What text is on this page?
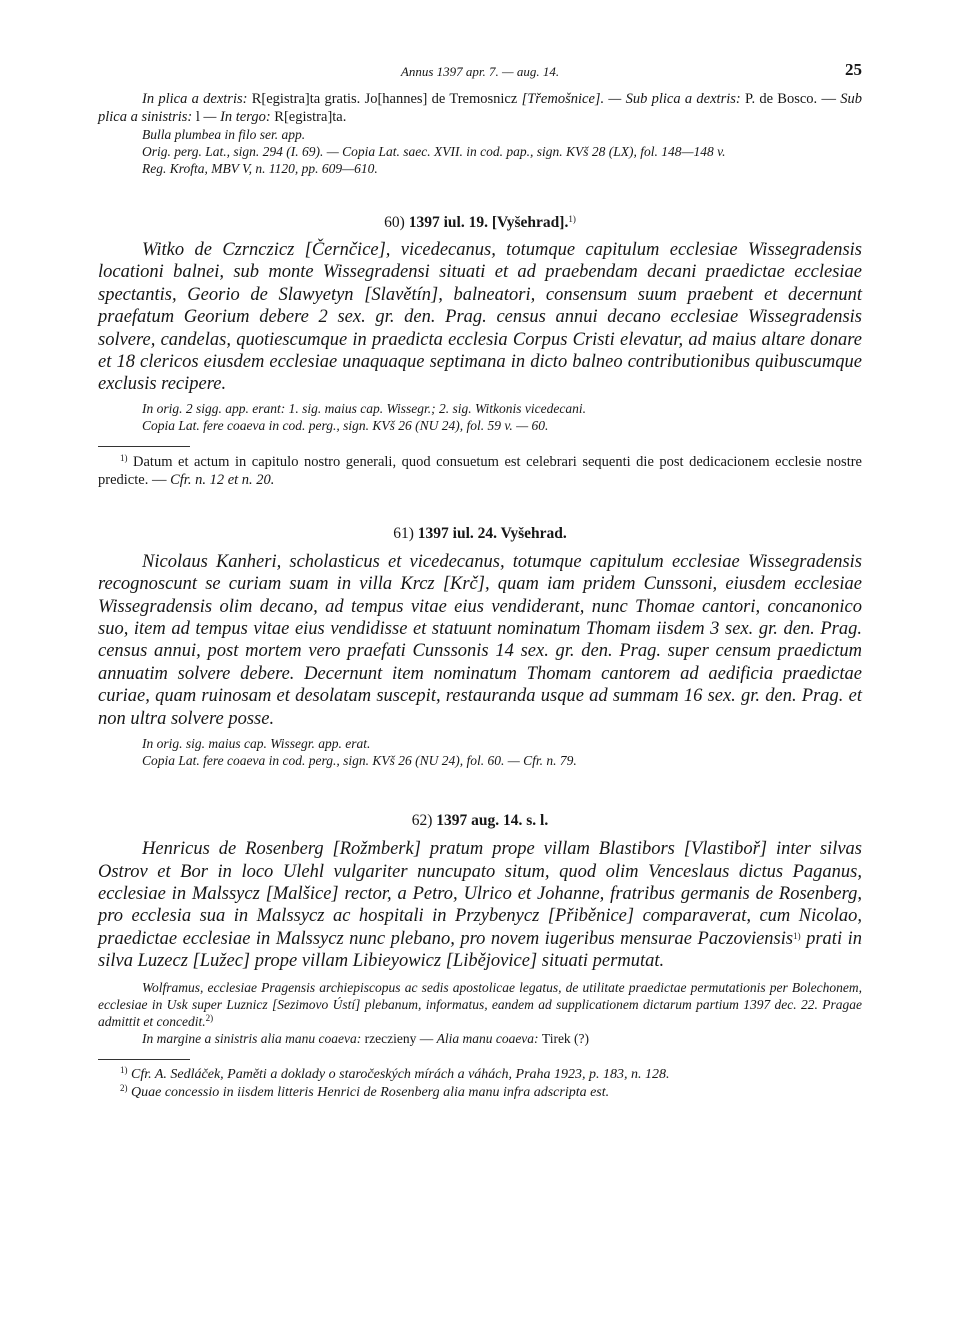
Annus 1397 apr. 7. — aug. 14.	25

In plica a dextris: R[egistra]ta gratis. Jo[hannes] de Tremosnicz [Třemošnice]. — Sub plica a dextris: P. de Bosco. — Sub plica a sinistris: l — In tergo: R[egistra]ta.

Bulla plumbea in filo ser. app.

Orig. perg. Lat., sign. 294 (I. 69). — Copia Lat. saec. XVII. in cod. pap., sign. KVš 28 (LX), fol. 148—148 v.

Reg. Krofta, MBV V, n. 1120, pp. 609—610.

60) 1397 iul. 19. [Vyšehrad].$^{1)}$

Witko de Czrnczicz [Černčice], vicedecanus, totumque capitulum ecclesiae Wissegradensis locationi balnei, sub monte Wissegradensi situati et ad praebendam decani praedictae ecclesiae spectantis, Georio de Slawyetyn [Slavětín], balneatori, consensum suum praebent et decernunt praefatum Georium debere 2 sex. gr. den. Prag. census annui decano ecclesiae Wissegradensis solvere, candelas, quotiescumque in praedicta ecclesia Corpus Cristi elevatur, ad maius altare donare et 18 clericos eiusdem ecclesiae unaquaque septimana in dicto balneo contributionibus quibuscumque exclusis recipere.

In orig. 2 sigg. app. erant: 1. sig. maius cap. Wissegr.; 2. sig. Witkonis vicedecani.

Copia Lat. fere coaeva in cod. perg., sign. KVš 26 (NU 24), fol. 59 v. — 60.

$^{1)}$ Datum et actum in capitulo nostro generali, quod consuetum est celebrari sequenti die post dedicacionem ecclesie nostre predicte. — Cfr. n. 12 et n. 20.

61) 1397 iul. 24. Vyšehrad.

Nicolaus Kanheri, scholasticus et vicedecanus, totumque capitulum ecclesiae Wissegradensis recognoscunt se curiam suam in villa Krcz [Krč], quam iam pridem Cunssoni, eiusdem ecclesiae Wissegradensis olim decano, ad tempus vitae eius vendiderant, nunc Thomae cantori, concanonico suo, item ad tempus vitae eius vendidisse et statuunt nominatum Thomam iisdem 3 sex. gr. den. Prag. census annui, post mortem vero praefati Cunssonis 14 sex. gr. den. Prag. super censum praedictum annuatim solvere debere. Decernunt item nominatum Thomam cantorem ad aedificia praedictae curiae, quam ruinosam et desolatam suscepit, restauranda usque ad summam 16 sex. gr. den. Prag. et non ultra solvere posse.

In orig. sig. maius cap. Wissegr. app. erat.

Copia Lat. fere coaeva in cod. perg., sign. KVš 26 (NU 24), fol. 60. — Cfr. n. 79.

62) 1397 aug. 14. s. l.

Henricus de Rosenberg [Rožmberk] pratum prope villam Blastibors [Vlastiboř] inter silvas Ostrov et Bor in loco Ulehl vulgariter nuncupato situm, quod olim Venceslaus dictus Paganus, ecclesiae in Malssycz [Malšice] rector, a Petro, Ulrico et Johanne, fratribus germanis de Rosenberg, pro ecclesia sua in Malssycz ac hospitali in Przybenycz [Přiběnice] comparaverat, cum Nicolao, praedictae ecclesiae in Malssycz nunc plebano, pro novem iugeribus mensurae Paczoviensis$^{1)}$ prati in silva Luzecz [Lužec] prope villam Libieyowicz [Libějovice] situati permutat.

Wolframus, ecclesiae Pragensis archiepiscopus ac sedis apostolicae legatus, de utilitate praedictae permutationis per Bolechonem, ecclesiae in Usk super Luznicz [Sezimovo Ústí] plebanum, informatus, eandem ad supplicationem dictarum partium 1397 dec. 22. Pragae admittit et concedit.$^{2)}$

In margine a sinistris alia manu coaeva: rzeczieny — Alia manu coaeva: Tirek (?)

$^{1)}$ Cfr. A. Sedláček, Paměti a doklady o staročeských mírách a váhách, Praha 1923, p. 183, n. 128.

$^{2)}$ Quae concessio in iisdem litteris Henrici de Rosenberg alia manu infra adscripta est.
